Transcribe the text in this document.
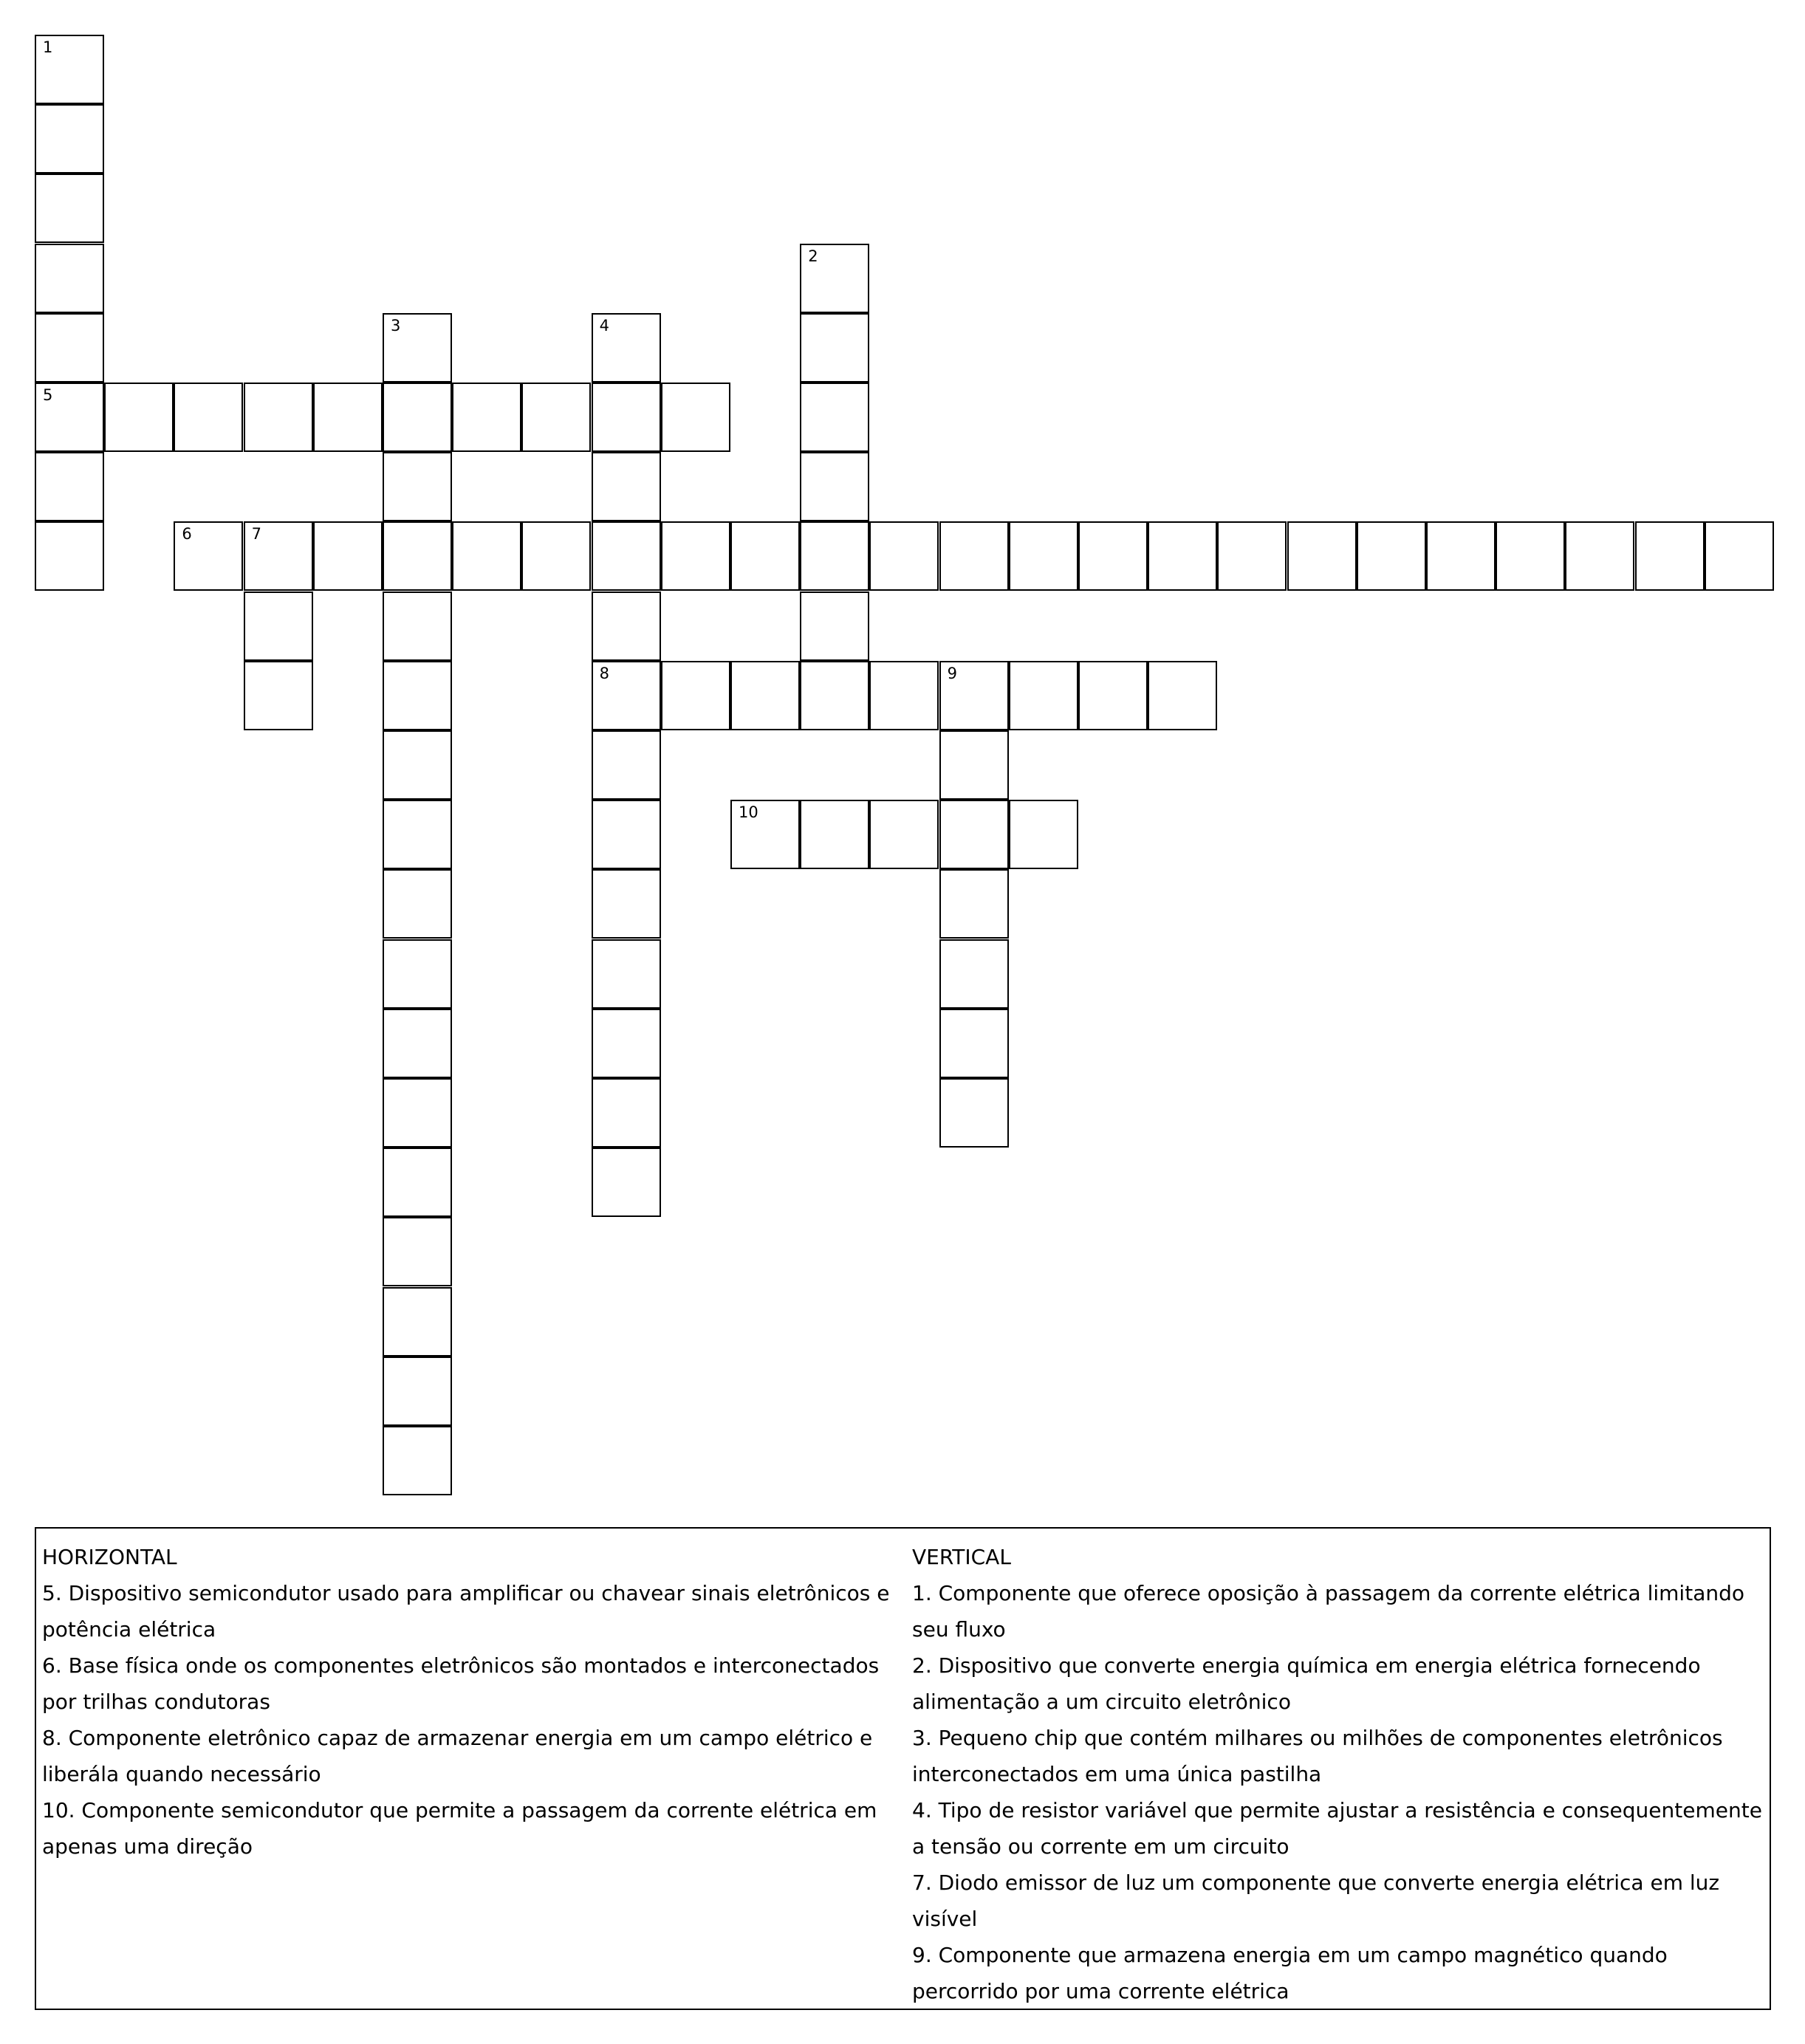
1
5
2
3	4
8
6	7
9
10

HORIZONTAL

5. Dispositivo semicondutor usado para amplificar ou chavear sinais eletrônicos e potência elétrica

6. Base física onde os componentes eletrônicos são montados e interconectados por trilhas condutoras

8. Componente eletrônico capaz de armazenar energia em um campo elétrico e liberála quando necessário

10. Componente semicondutor que permite a passagem da corrente elétrica em apenas uma direção

VERTICAL

1. Componente que oferece oposição à passagem da corrente elétrica limitando seu fluxo

2. Dispositivo que converte energia química em energia elétrica fornecendo alimentação a um circuito eletrônico

3. Pequeno chip que contém milhares ou milhões de componentes eletrônicos interconectados em uma única pastilha

4. Tipo de resistor variável que permite ajustar a resistência e consequentemente a tensão ou corrente em um circuito

7. Diodo emissor de luz um componente que converte energia elétrica em luz visível

9. Componente que armazena energia em um campo magnético quando percorrido por uma corrente elétrica
